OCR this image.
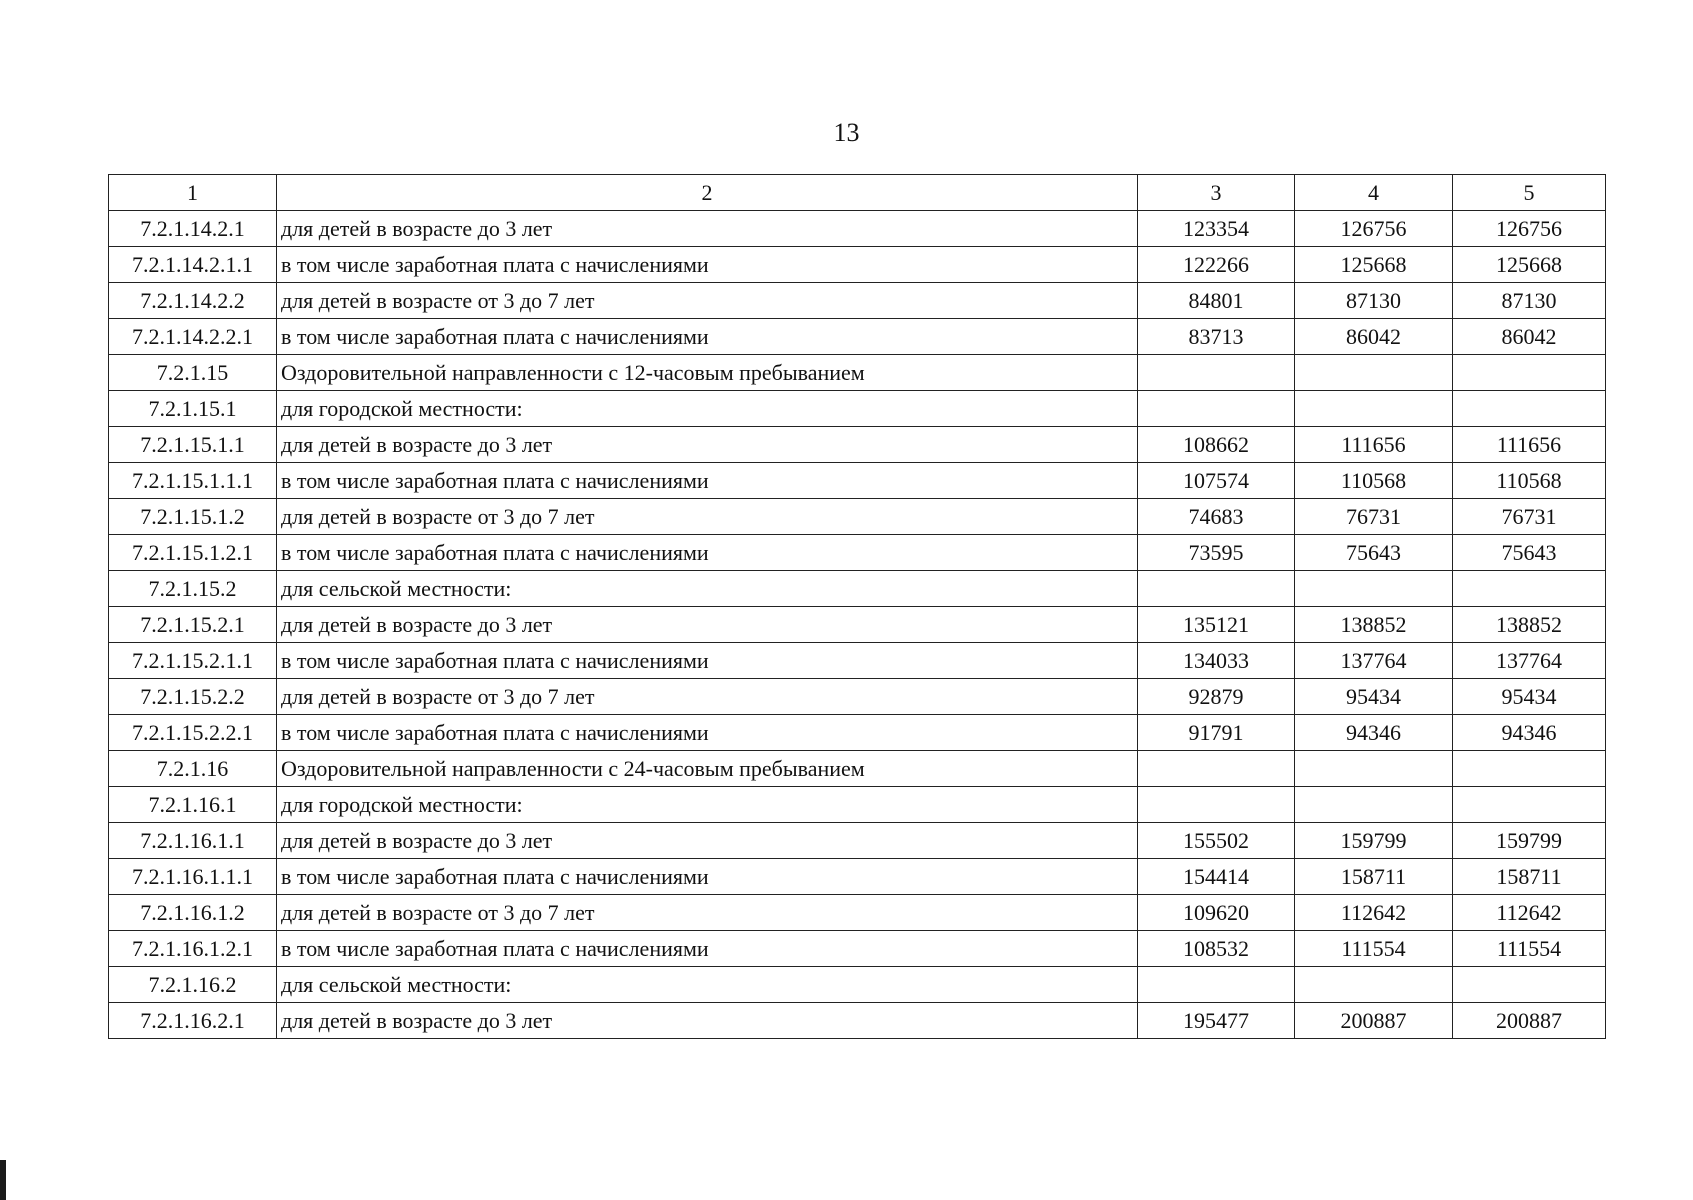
13
1	2	3	4	5
7.2.1.14.2.1	для детей в возрасте до 3 лет	123354	126756	126756
7.2.1.14.2.1.1	в том числе заработная плата с начислениями	122266	125668	125668
7.2.1.14.2.2	для детей в возрасте от 3 до 7 лет	84801	87130	87130
7.2.1.14.2.2.1	в том числе заработная плата с начислениями	83713	86042	86042
7.2.1.15	Оздоровительной направленности с 12-часовым пребыванием			
7.2.1.15.1	для городской местности:			
7.2.1.15.1.1	для детей в возрасте до 3 лет	108662	111656	111656
7.2.1.15.1.1.1	в том числе заработная плата с начислениями	107574	110568	110568
7.2.1.15.1.2	для детей в возрасте от 3 до 7 лет	74683	76731	76731
7.2.1.15.1.2.1	в том числе заработная плата с начислениями	73595	75643	75643
7.2.1.15.2	для сельской местности:			
7.2.1.15.2.1	для детей в возрасте до 3 лет	135121	138852	138852
7.2.1.15.2.1.1	в том числе заработная плата с начислениями	134033	137764	137764
7.2.1.15.2.2	для детей в возрасте от 3 до 7 лет	92879	95434	95434
7.2.1.15.2.2.1	в том числе заработная плата с начислениями	91791	94346	94346
7.2.1.16	Оздоровительной направленности с 24-часовым пребыванием			
7.2.1.16.1	для городской местности:			
7.2.1.16.1.1	для детей в возрасте до 3 лет	155502	159799	159799
7.2.1.16.1.1.1	в том числе заработная плата с начислениями	154414	158711	158711
7.2.1.16.1.2	для детей в возрасте от 3 до 7 лет	109620	112642	112642
7.2.1.16.1.2.1	в том числе заработная плата с начислениями	108532	111554	111554
7.2.1.16.2	для сельской местности:			
7.2.1.16.2.1	для детей в возрасте до 3 лет	195477	200887	200887
